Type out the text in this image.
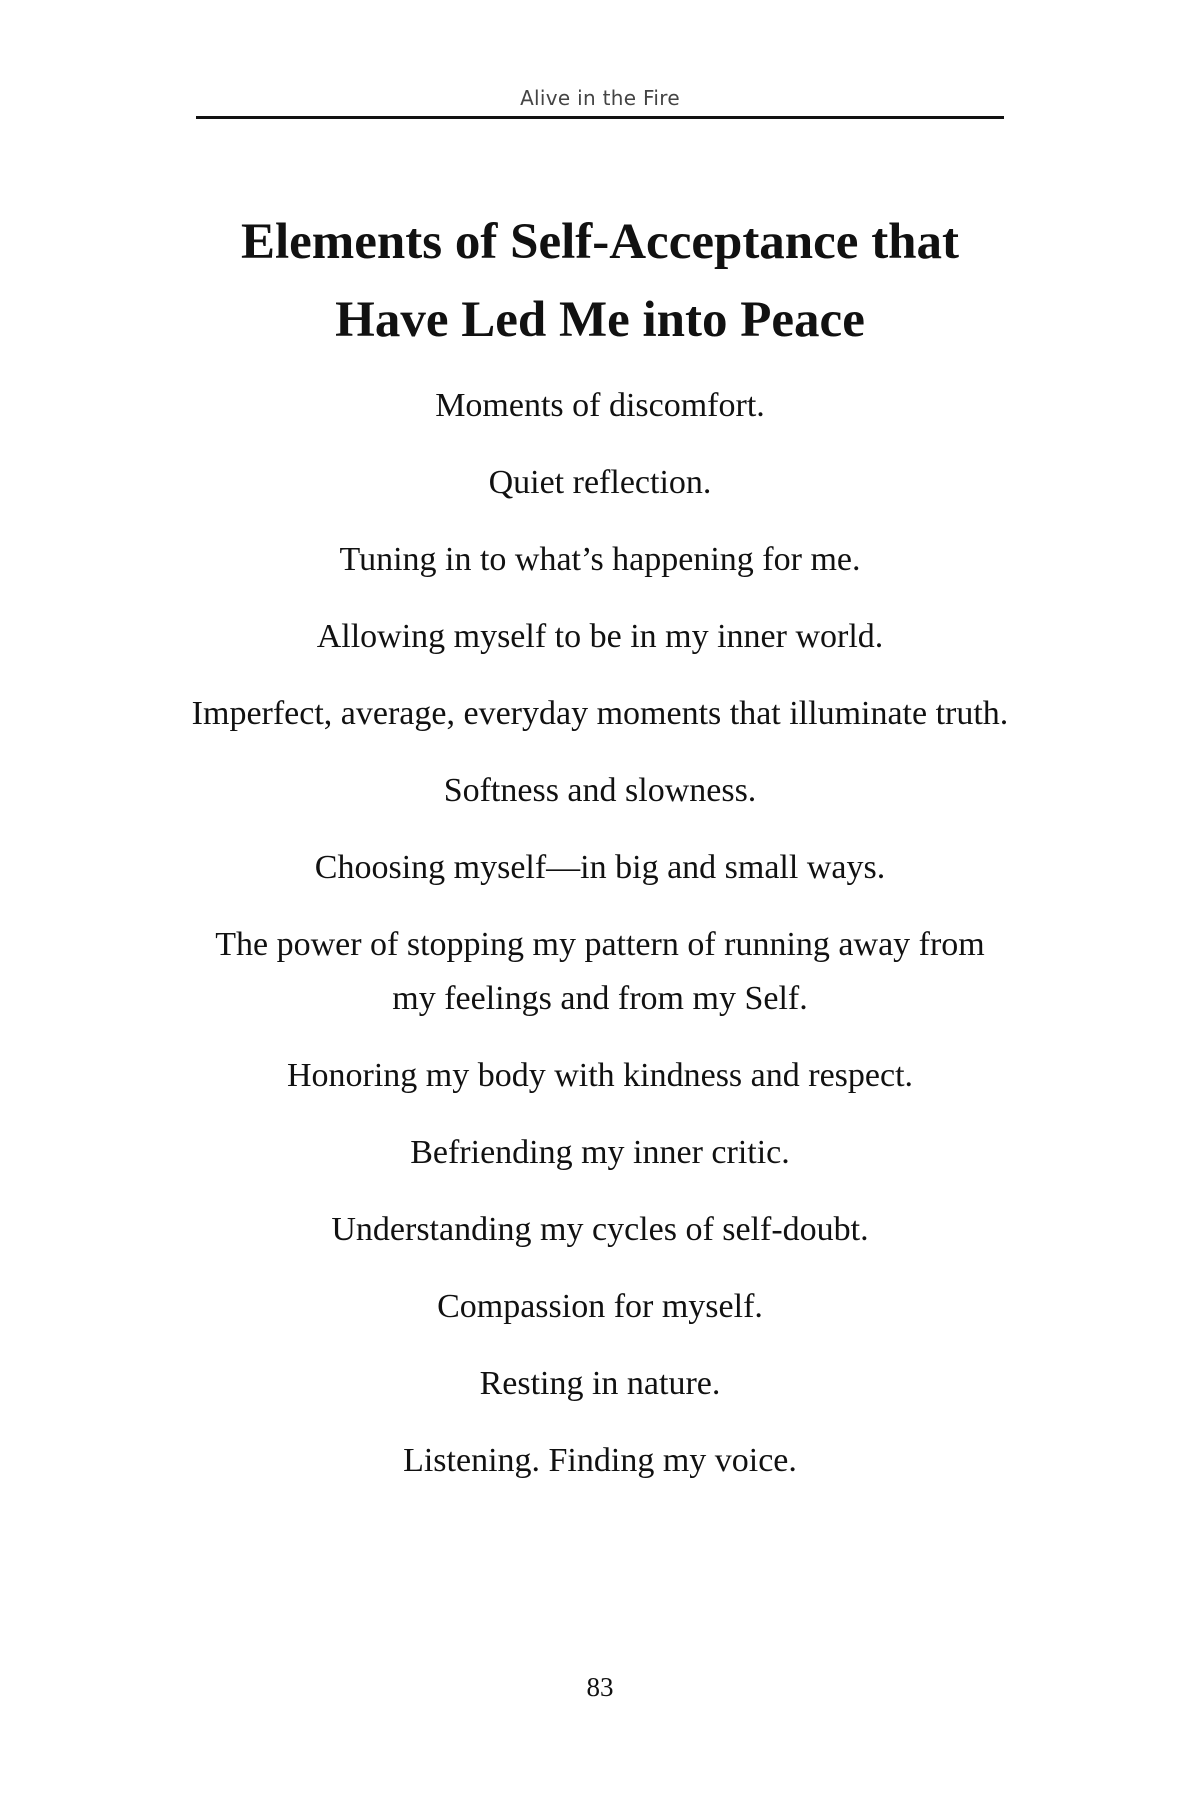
Alive in the Fire
Elements of Self-Acceptance that
Have Led Me into Peace
Moments of discomfort.
Quiet reflection.
Tuning in to what’s happening for me.
Allowing myself to be in my inner world.
Imperfect, average, everyday moments that illuminate truth.
Softness and slowness.
Choosing myself—in big and small ways.
The power of stopping my pattern of running away from my feelings and from my Self.
Honoring my body with kindness and respect.
Befriending my inner critic.
Understanding my cycles of self-doubt.
Compassion for myself.
Resting in nature.
Listening. Finding my voice.
83
